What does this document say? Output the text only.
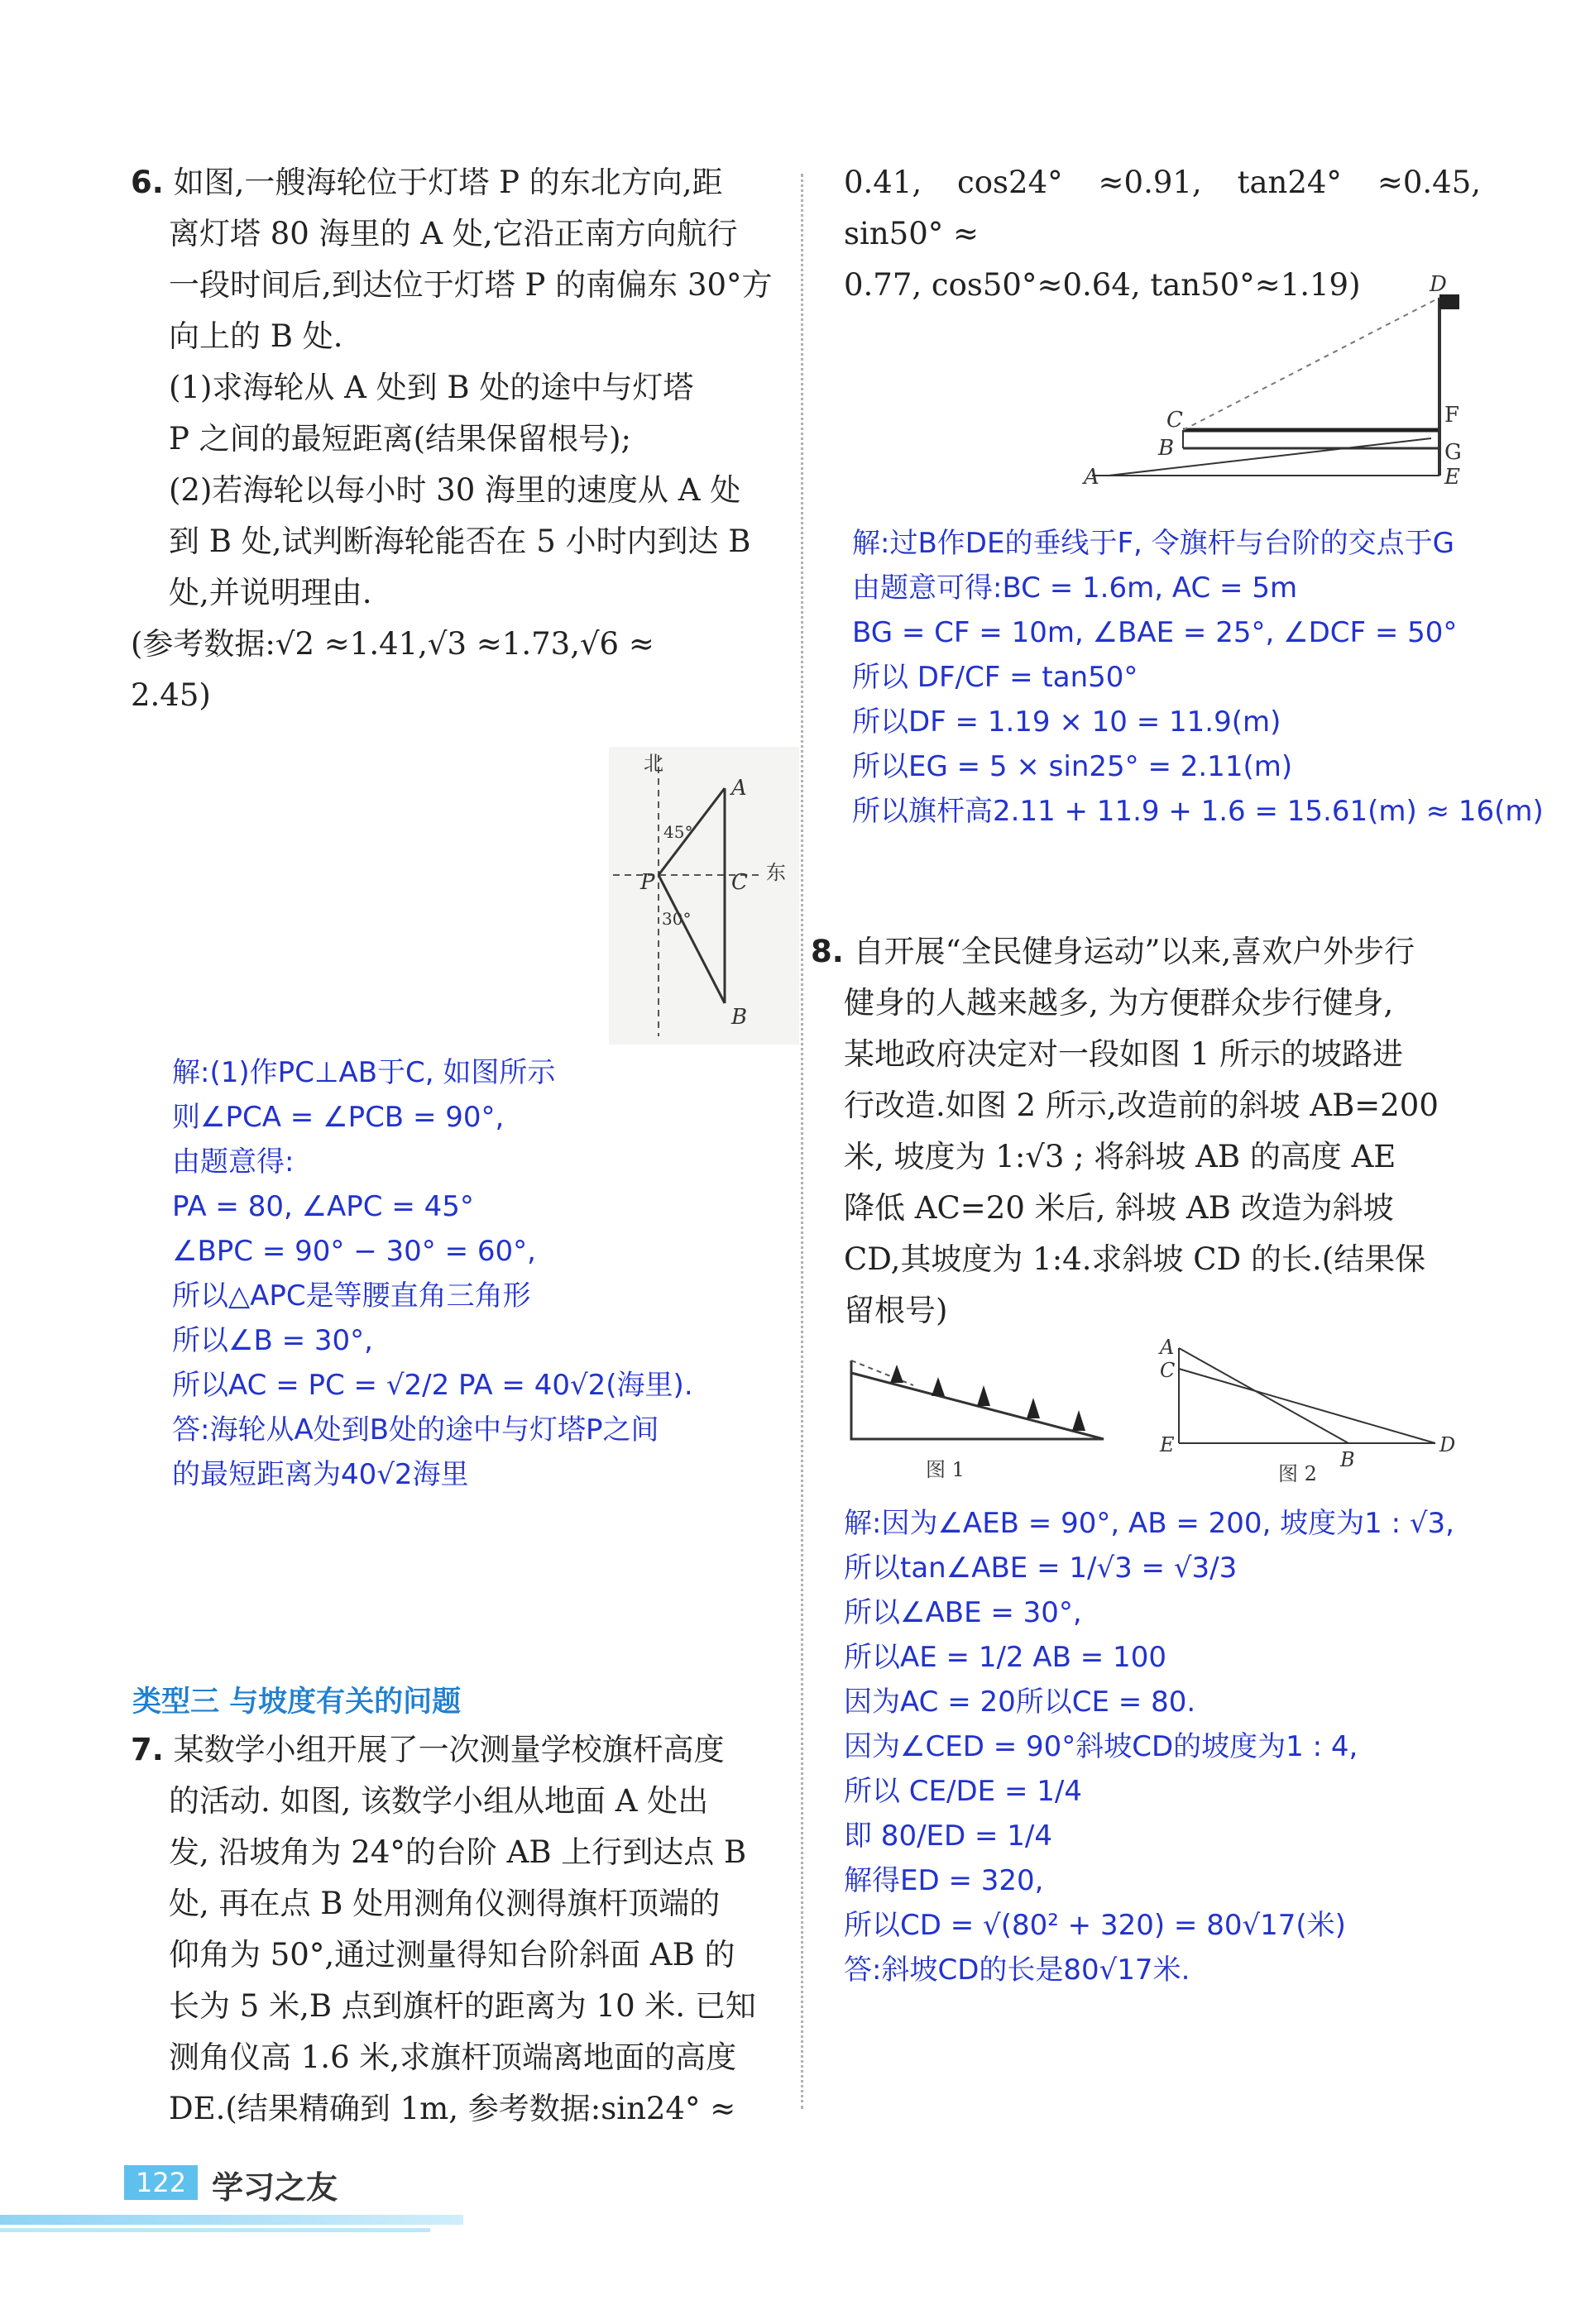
6. 如图,一艘海轮位于灯塔 P 的东北方向,距

离灯塔 80 海里的 A 处,它沿正南方向航行

一段时间后,到达位于灯塔 P 的南偏东 30°方

向上的 B 处.

(1)求海轮从 A 处到 B 处的途中与灯塔

P 之间的最短距离(结果保留根号);

(2)若海轮以每小时 30 海里的速度从 A 处

到 B 处,试判断海轮能否在 5 小时内到达 B

处,并说明理由.

(参考数据:√2 ≈1.41,√3 ≈1.73,√6 ≈

2.45)

北
东
A
P	C
B
45°
30°
解:(1)作PC⊥AB于C, 如图所示
则∠PCA = ∠PCB = 90°,
由题意得:
PA = 80, ∠APC = 45°
∠BPC = 90° − 30° = 60°,
所以△APC是等腰直角三角形
所以∠B = 30°,
所以AC = PC = √2/2 PA = 40√2(海里).
答:海轮从A处到B处的途中与灯塔P之间
的最短距离为40√2海里
类型三 与坡度有关的问题

7. 某数学小组开展了一次测量学校旗杆高度

的活动. 如图, 该数学小组从地面 A 处出

发, 沿坡角为 24°的台阶 AB 上行到达点 B

处, 再在点 B 处用测角仪测得旗杆顶端的

仰角为 50°,通过测量得知台阶斜面 AB 的

长为 5 米,B 点到旗杆的距离为 10 米. 已知

测角仪高 1.6 米,求旗杆顶端离地面的高度

DE.(结果精确到 1m, 参考数据:sin24° ≈

0.41, cos24° ≈0.91, tan24° ≈0.45, sin50° ≈

0.77, cos50°≈0.64, tan50°≈1.19)

A
B
C
D
E
F
G
解:过B作DE的垂线于F, 令旗杆与台阶的交点于G
由题意可得:BC = 1.6m, AC = 5m
BG = CF = 10m, ∠BAE = 25°, ∠DCF = 50°
所以 DF/CF = tan50°
所以DF = 1.19 × 10 = 11.9(m)
所以EG = 5 × sin25° = 2.11(m)
所以旗杆高2.11 + 11.9 + 1.6 = 15.61(m) ≈ 16(m)

8. 自开展“全民健身运动”以来,喜欢户外步行

健身的人越来越多, 为方便群众步行健身,

某地政府决定对一段如图 1 所示的坡路进

行改造.如图 2 所示,改造前的斜坡 AB=200

米, 坡度为 1:√3 ; 将斜坡 AB 的高度 AE

降低 AC=20 米后, 斜坡 AB 改造为斜坡

CD,其坡度为 1:4.求斜坡 CD 的长.(结果保

留根号)

图 1
A
C
E
B
D
图 2
解:因为∠AEB = 90°, AB = 200, 坡度为1 : √3,
所以tan∠ABE = 1/√3 = √3/3
所以∠ABE = 30°,
所以AE = 1/2 AB = 100
因为AC = 20所以CE = 80.
因为∠CED = 90°斜坡CD的坡度为1 : 4,
所以 CE/DE = 1/4
即 80/ED = 1/4
解得ED = 320,
所以CD = √(80² + 320) = 80√17(米)
答:斜坡CD的长是80√17米.
122 学习之友
